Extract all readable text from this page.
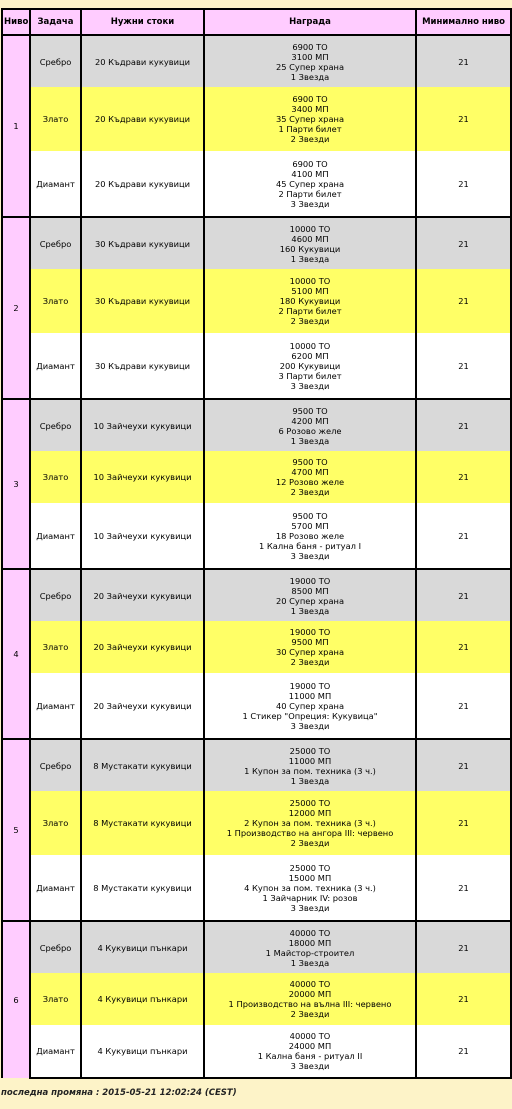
Ниво	Задача	Нужни стоки	Награда	Минимално ниво
1	Сребро	20 Къдрави кукувици	6900 ТО
3100 МП
25 Супер храна
1 Звезда	21
	Злато	20 Къдрави кукувици	6900 ТО
3400 МП
35 Супер храна
1 Парти билет
2 Звезди	21
	Диамант	20 Къдрави кукувици	6900 ТО
4100 МП
45 Супер храна
2 Парти билет
3 Звезди	21
2	Сребро	30 Къдрави кукувици	10000 ТО
4600 МП
160 Кукувици
1 Звезда	21
	Злато	30 Къдрави кукувици	10000 ТО
5100 МП
180 Кукувици
2 Парти билет
2 Звезди	21
	Диамант	30 Къдрави кукувици	10000 ТО
6200 МП
200 Кукувици
3 Парти билет
3 Звезди	21
3	Сребро	10 Зайчеухи кукувици	9500 ТО
4200 МП
6 Розово желе
1 Звезда	21
	Злато	10 Зайчеухи кукувици	9500 ТО
4700 МП
12 Розово желе
2 Звезди	21
	Диамант	10 Зайчеухи кукувици	9500 ТО
5700 МП
18 Розово желе
1 Кална баня - ритуал I
3 Звезди	21
4	Сребро	20 Зайчеухи кукувици	19000 ТО
8500 МП
20 Супер храна
1 Звезда	21
	Злато	20 Зайчеухи кукувици	19000 ТО
9500 МП
30 Супер храна
2 Звезди	21
	Диамант	20 Зайчеухи кукувици	19000 ТО
11000 МП
40 Супер храна
1 Стикер "Опреция: Кукувица"
3 Звезди	21
5	Сребро	8 Мустакати кукувици	25000 ТО
11000 МП
1 Купон за пом. техника (3 ч.)
1 Звезда	21
	Злато	8 Мустакати кукувици	25000 ТО
12000 МП
2 Купон за пом. техника (3 ч.)
1 Производство на ангора III: червено
2 Звезди	21
	Диамант	8 Мустакати кукувици	25000 ТО
15000 МП
4 Купон за пом. техника (3 ч.)
1 Зайчарник IV: розов
3 Звезди	21
6	Сребро	4 Кукувици пънкари	40000 ТО
18000 МП
1 Майстор-строител
1 Звезда	21
	Злато	4 Кукувици пънкари	40000 ТО
20000 МП
1 Производство на вълна III: червено
2 Звезди	21
	Диамант	4 Кукувици пънкари	40000 ТО
24000 МП
1 Кална баня - ритуал II
3 Звезди	21
последна промяна : 2015-05-21 12:02:24 (CEST)
